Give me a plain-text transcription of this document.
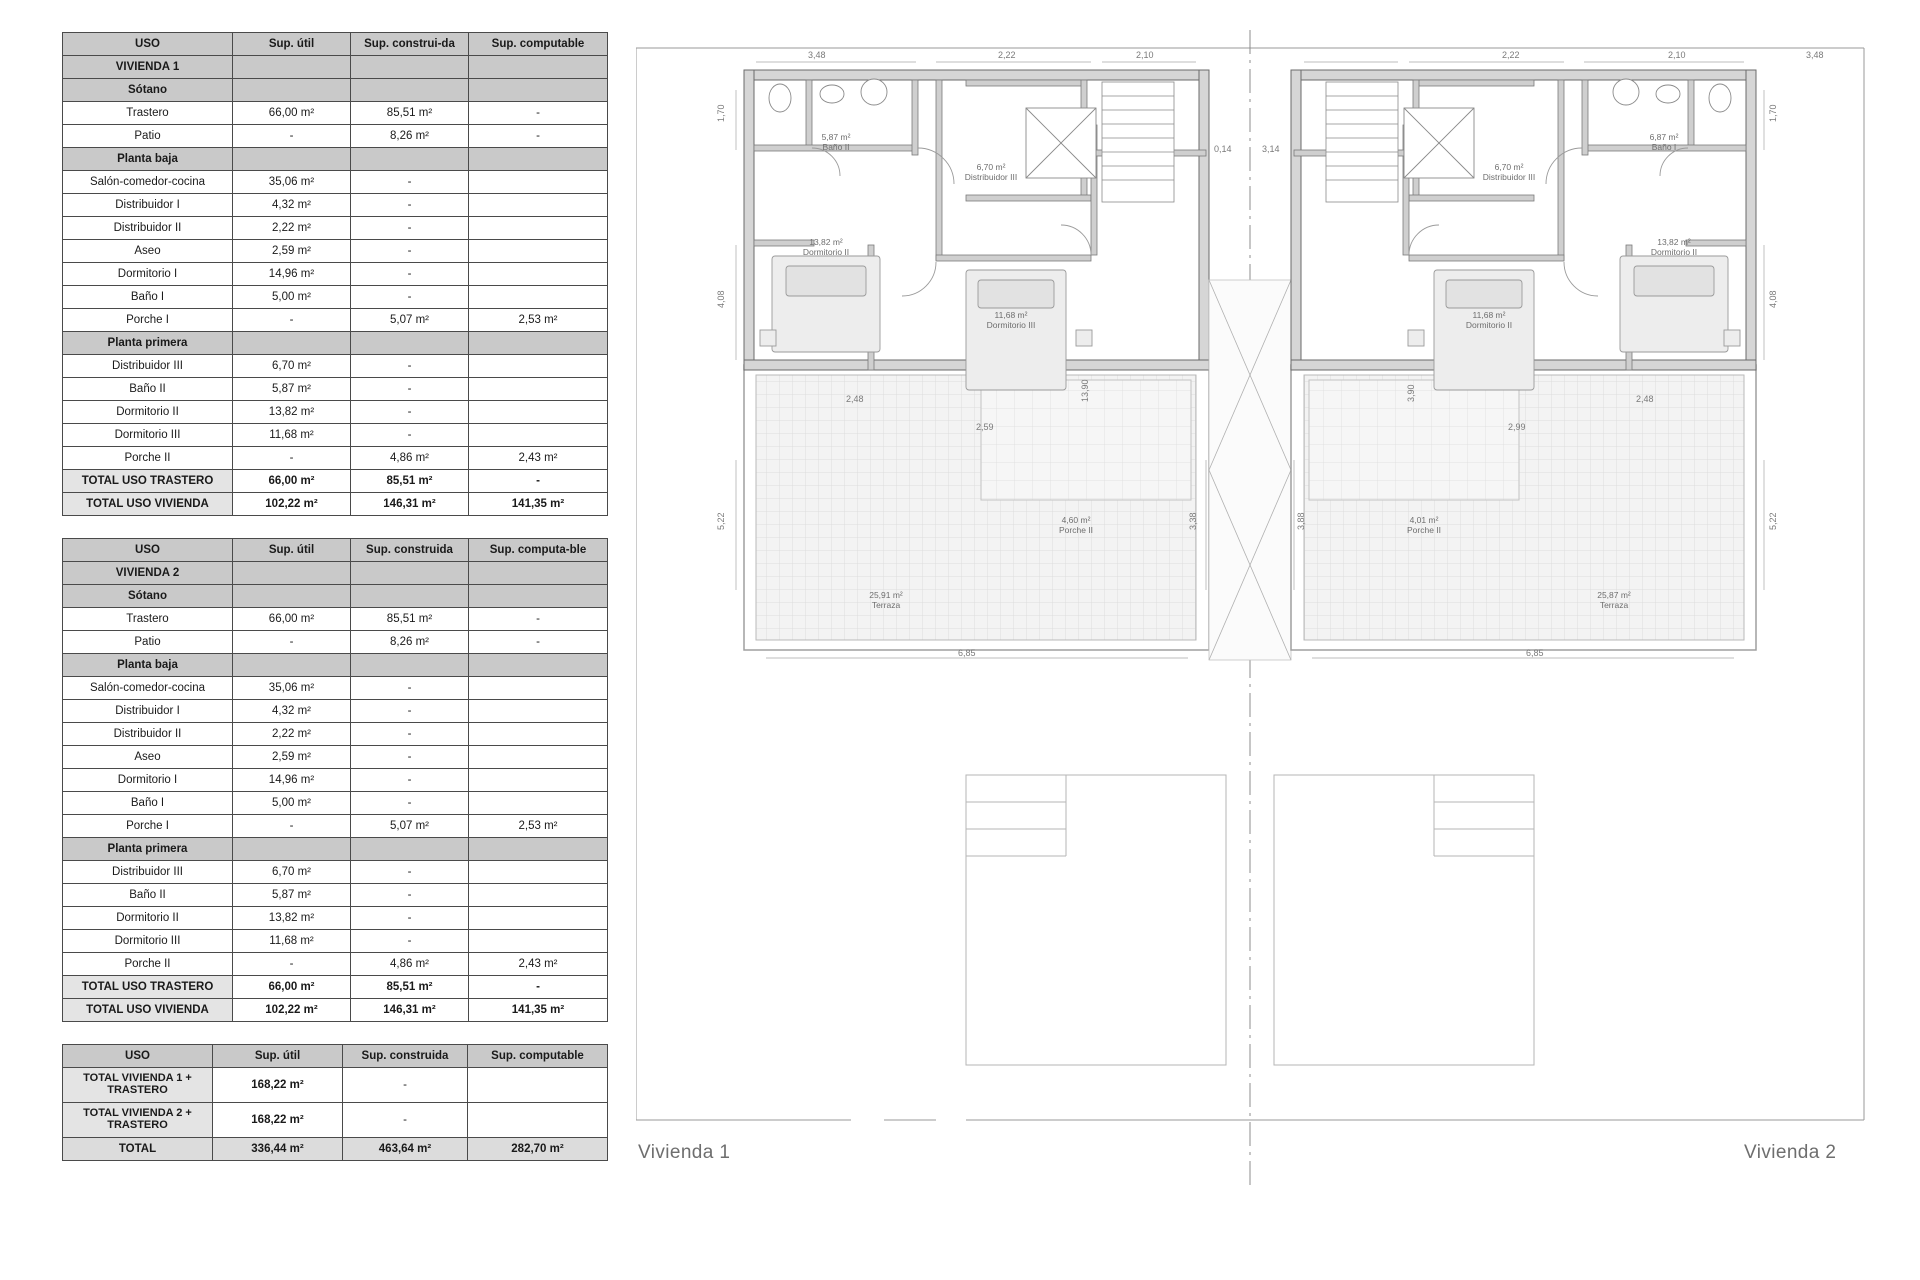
USO	Sup. útil	Sup. construi-da	Sup. computable
VIVIENDA 1			
Sótano			
Trastero	66,00 m²	85,51 m²	-
Patio	-	8,26 m²	-
Planta baja			
Salón-comedor-cocina	35,06 m²	-	
Distribuidor I	4,32 m²	-	
Distribuidor II	2,22 m²	-	
Aseo	2,59 m²	-	
Dormitorio I	14,96 m²	-	
Baño I	5,00 m²	-	
Porche I	-	5,07 m²	2,53 m²
Planta primera			
Distribuidor III	6,70 m²	-	
Baño II	5,87 m²	-	
Dormitorio II	13,82 m²	-	
Dormitorio III	11,68 m²	-	
Porche II	-	4,86 m²	2,43 m²
TOTAL USO TRASTERO	66,00 m²	85,51 m²	-
TOTAL USO VIVIENDA	102,22 m²	146,31 m²	141,35 m²
USO	Sup. útil	Sup. construida	Sup. computa-ble
VIVIENDA 2			
Sótano			
Trastero	66,00 m²	85,51 m²	-
Patio	-	8,26 m²	-
Planta baja			
Salón-comedor-cocina	35,06 m²	-	
Distribuidor I	4,32 m²	-	
Distribuidor II	2,22 m²	-	
Aseo	2,59 m²	-	
Dormitorio I	14,96 m²	-	
Baño I	5,00 m²	-	
Porche I	-	5,07 m²	2,53 m²
Planta primera			
Distribuidor III	6,70 m²	-	
Baño II	5,87 m²	-	
Dormitorio II	13,82 m²	-	
Dormitorio III	11,68 m²	-	
Porche II	-	4,86 m²	2,43 m²
TOTAL USO TRASTERO	66,00 m²	85,51 m²	-
TOTAL USO VIVIENDA	102,22 m²	146,31 m²	141,35 m²
USO	Sup. útil	Sup. construida	Sup. computable
TOTAL VIVIENDA 1 + TRASTERO	168,22 m²	-	
TOTAL VIVIENDA 2 + TRASTERO	168,22 m²	-	
TOTAL	336,44 m²	463,64 m²	282,70 m²
3,48	2,22	2,10
1,70
4,08
5,22
6,85
3,38
2,48
2,59
13,90
5,87 m²
Baño II
6,70 m²
Distribuidor III
13,82 m²
Dormitorio II
11,68 m²
Dormitorio III
4,60 m²
Porche II
25,91 m²
Terraza
0,14	3,14
2,10	3,48
2,22
1,70
4,08
5,22
6,85
3,88
2,48
2,99
3,90
6,87 m²
Baño I
6,70 m²
Distribuidor III
13,82 m²
Dormitorio II
11,68 m²
Dormitorio II
4,01 m²
Porche II
25,87 m²
Terraza
Vivienda 1	Vivienda 2
